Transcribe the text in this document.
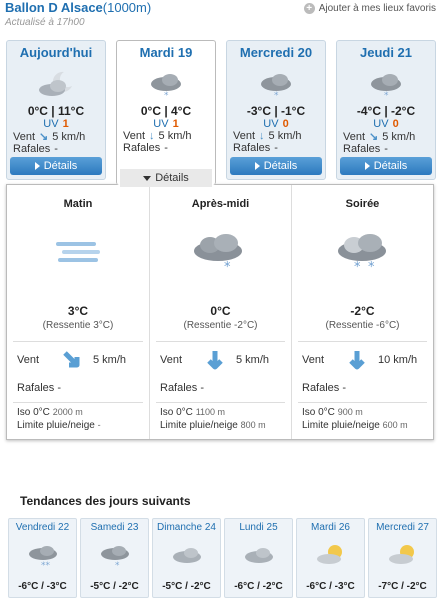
Ballon D Alsace(1000m)
Actualisé à 17h00
+ Ajouter à mes lieux favoris
Aujourd'hui
0°C | 11°C
UV 1
Vent ↘ 5 km/h
Rafales -
Détails
Mardi 19
*
0°C | 4°C
UV 1
Vent ↓ 5 km/h
Rafales -
Détails
Mercredi 20
*
-3°C | -1°C
UV 0
Vent ↓ 5 km/h
Rafales -
Détails
Jeudi 21
*
-4°C | -2°C
UV 0
Vent ↘ 5 km/h
Rafales -
Détails
Matin
3°C
(Ressentie 3°C)
Vent	5 km/h
Rafales -
Iso 0°C 2000 m
Limite pluie/neige -
Après-midi
*
0°C
(Ressentie -2°C)
Vent	5 km/h
Rafales -
Iso 0°C 1100 m
Limite pluie/neige 800 m
Soirée
* *
-2°C
(Ressentie -6°C)
Vent	10 km/h
Rafales -
Iso 0°C 900 m
Limite pluie/neige 600 m
Tendances des jours suivants
Vendredi 22
**
-6°C / -3°C
Samedi 23
*
-5°C / -2°C
Dimanche 24
-5°C / -2°C
Lundi 25
-6°C / -2°C
Mardi 26
-6°C / -3°C
Mercredi 27
-7°C / -2°C
